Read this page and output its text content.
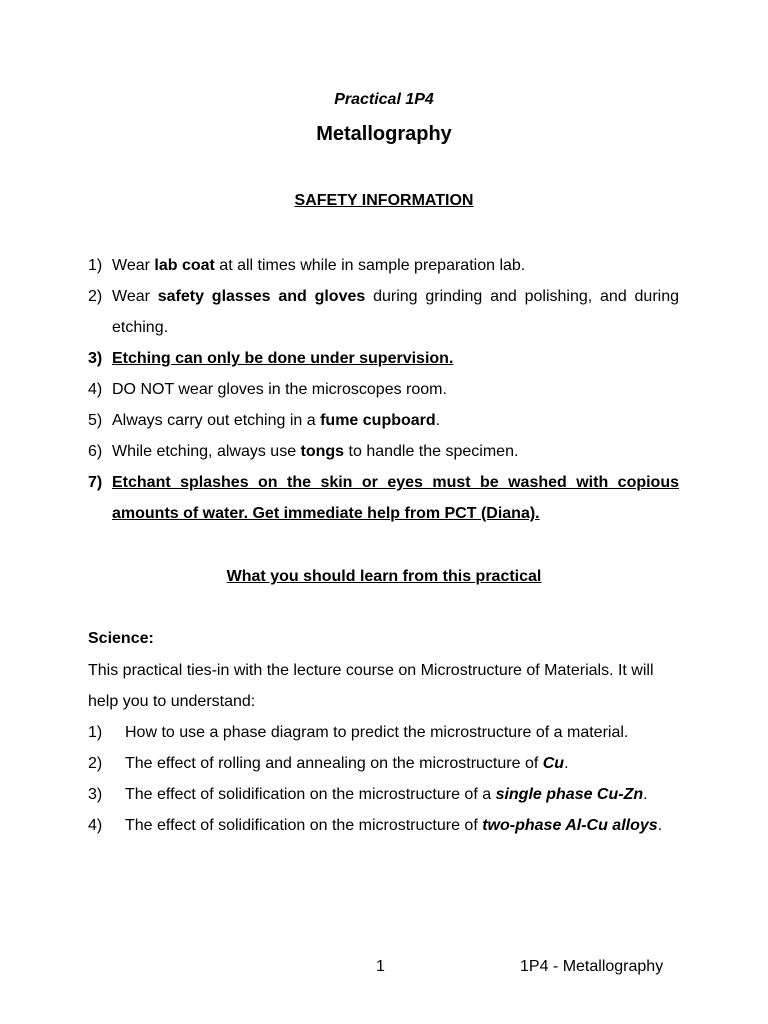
Practical 1P4
Metallography
SAFETY INFORMATION
1) Wear lab coat at all times while in sample preparation lab.
2) Wear safety glasses and gloves during grinding and polishing, and during etching.
3) Etching can only be done under supervision.
4) DO NOT wear gloves in the microscopes room.
5) Always carry out etching in a fume cupboard.
6) While etching, always use tongs to handle the specimen.
7) Etchant splashes on the skin or eyes must be washed with copious amounts of water. Get immediate help from PCT (Diana).
What you should learn from this practical
Science:
This practical ties-in with the lecture course on Microstructure of Materials. It will help you to understand:
1) How to use a phase diagram to predict the microstructure of a material.
2) The effect of rolling and annealing on the microstructure of Cu.
3) The effect of solidification on the microstructure of a single phase Cu-Zn.
4) The effect of solidification on the microstructure of two-phase Al-Cu alloys.
1	1P4 - Metallography
